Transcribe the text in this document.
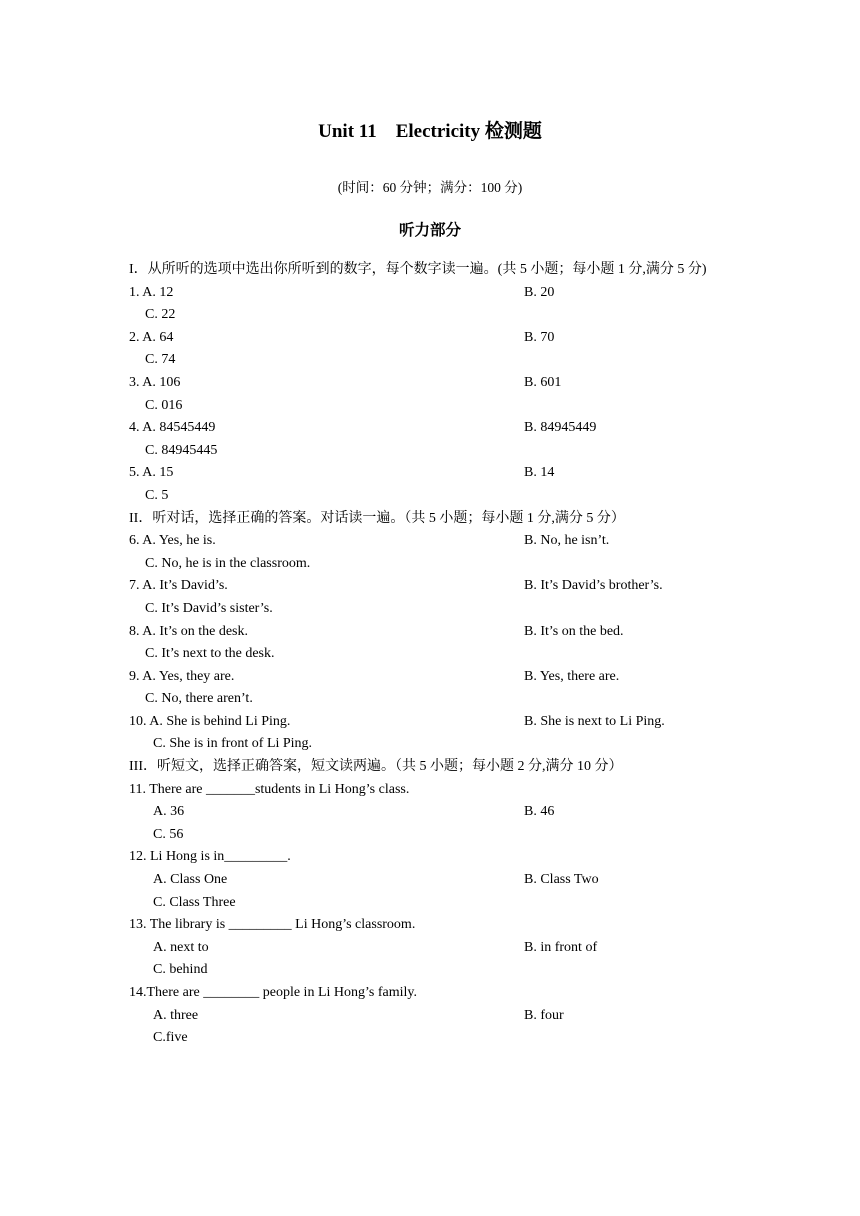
Unit 11　Electricity 检测题
(时间：60 分钟；满分：100 分)
听力部分
I．从所听的选项中选出你所听到的数字，每个数字读一遍。(共 5 小题；每小题 1 分,满分 5 分)
1. A. 12	B. 20
C. 22
2. A. 64	B. 70
C. 74
3. A. 106	B. 601
C. 016
4. A. 84545449	B. 84945449
C. 84945445
5. A. 15	B. 14
C. 5
II．听对话，选择正确的答案。对话读一遍。（共 5 小题；每小题 1 分,满分 5 分）
6. A. Yes, he is.	B. No, he isn’t.
C. No, he is in the classroom.
7. A. It’s David’s.	B. It’s David’s brother’s.
C. It’s David’s sister’s.
8. A. It’s on the desk.	B. It’s on the bed.
C. It’s next to the desk.
9. A. Yes, they are.	B. Yes, there are.
C. No, there aren’t.
10. A. She is behind Li Ping.	B. She is next to Li Ping.
C. She is in front of Li Ping.
III．听短文，选择正确答案，短文读两遍。（共 5 小题；每小题 2 分,满分 10 分）
11. There are _______students in Li Hong’s class.
A. 36	B. 46
C. 56
12. Li Hong is in_________.
A. Class One	B. Class Two
C. Class Three
13. The library is _________ Li Hong’s classroom.
A. next to	B. in front of
C. behind
14.There are ________ people in Li Hong’s family.
A. three	B. four
C.five
